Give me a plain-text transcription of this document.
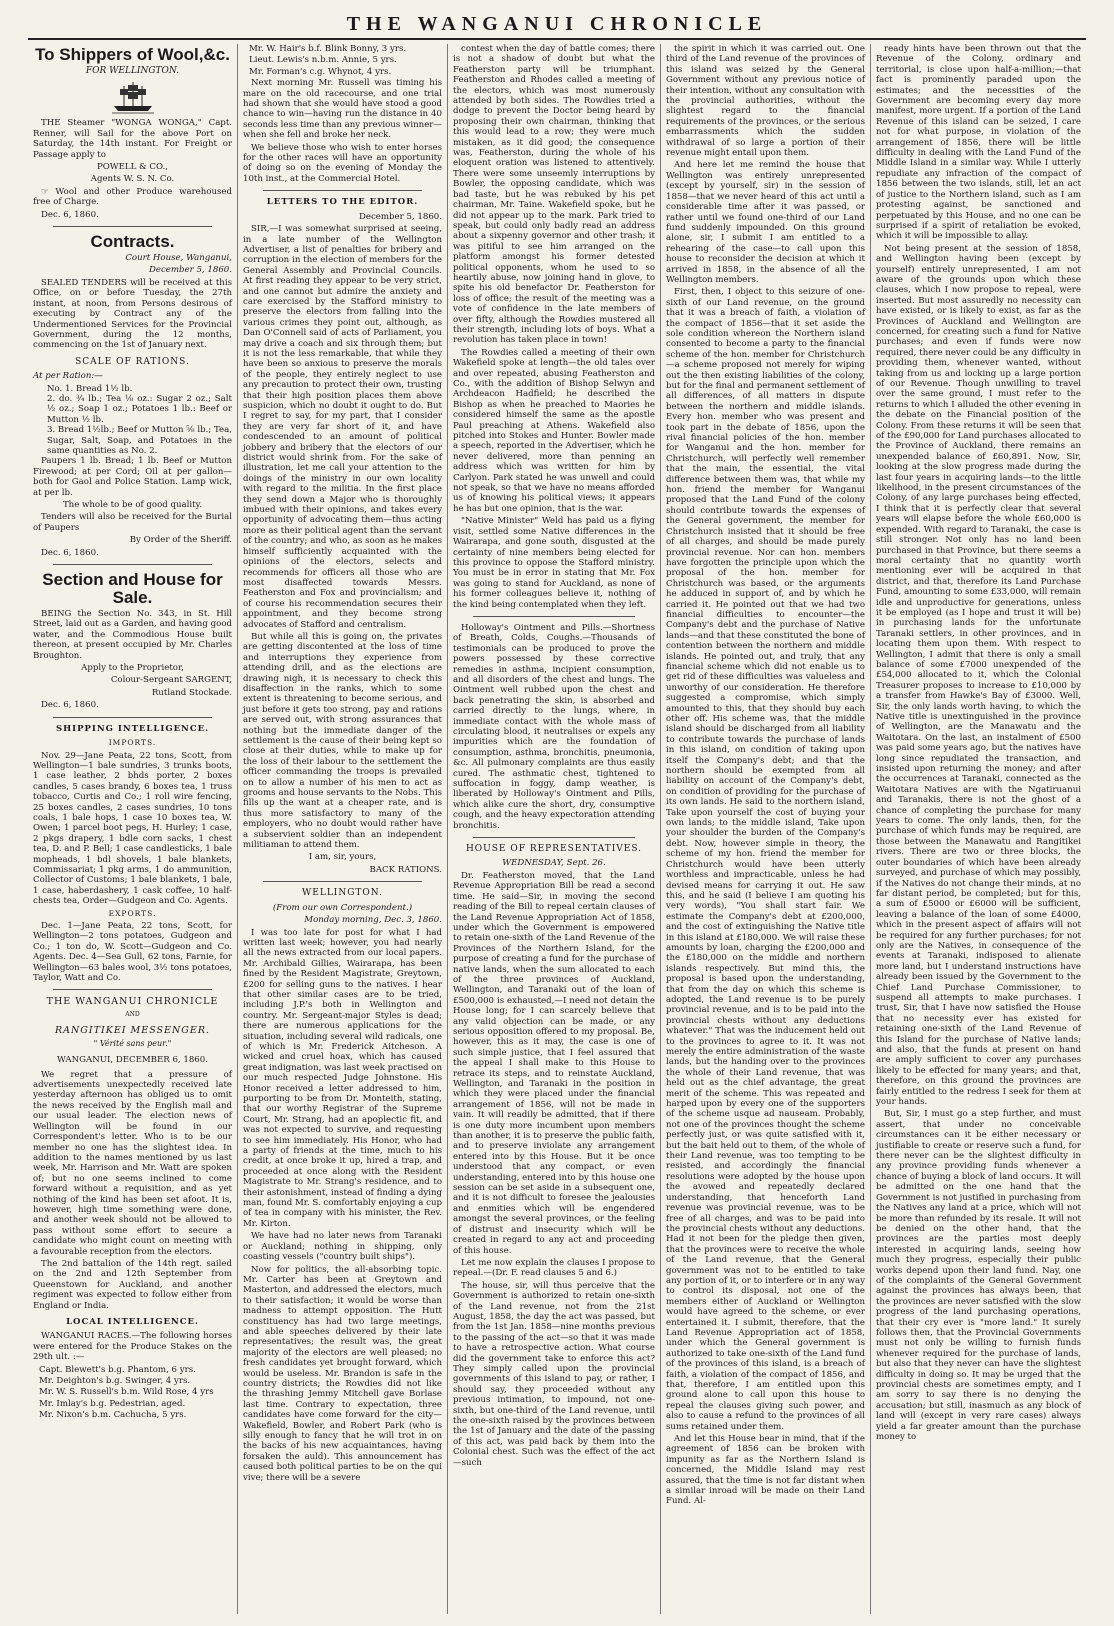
THE WANGANUI CHRONICLE
To Shippers of Wool,&c.
FOR WELLINGTON.

THE Steamer "WONGA WONGA," Capt. Renner, will Sail for the above Port on Saturday, the 14th instant. For Freight or Passage apply to

POWELL & CO.,

Agents W. S. N. Co.

☞ Wool and other Produce warehoused free of Charge.

Dec. 6, 1860.

Contracts.

Court House, Wanganui,

December 5, 1860.

SEALED TENDERS will be received at this Office, on or before Tuesday, the 27th instant, at noon, from Persons desirous of executing by Contract any of the Undermentioned Services for the Provincial Government, during the 12 months, commencing on the 1st of January next.

SCALE OF RATIONS.

At per Ration:—

No. 1. Bread 1½ lb.

2. do. ¾ lb.; Tea ⅛ oz.: Sugar 2 oz.; Salt ½ oz.; Soap 1 oz.; Potatoes 1 lb.: Beef or Mutton ½ lb.

3. Bread 1½lb.; Beef or Mutton ⅝ lb.; Tea, Sugar, Salt, Soap, and Potatoes in the same quantities as No. 2.

Paupers 1 lb. Bread; 1 lb. Beef or Mutton Firewood; at per Cord; Oil at per gallon—both for Gaol and Police Station. Lamp wick, at per lb.

The whole to be of good quality.

Tenders will also be received for the Burial of Paupers

By Order of the Sheriff.

Dec. 6, 1860.

Section and House for Sale.

BEING the Section No. 343, in St. Hill Street, laid out as a Garden, and having good water, and the Commodious House built thereon, at present occupied by Mr. Charles Broughton.

Apply to the Proprietor,

Colour-Sergeant SARGENT,

Rutland Stockade.

Dec. 6, 1860.

SHIPPING INTELLIGENCE.
IMPORTS.

Nov. 29—Jane Peata, 22 tons, Scott, from Wellington—1 bale sundries, 3 trunks boots, 1 case leather, 2 bhds porter, 2 boxes candles, 5 cases brandy, 6 boxes tea, 1 truss tobacco, Curtis and Co.; 1 roll wire fencing, 25 boxes candles, 2 cases sundries, 10 tons coals, 1 bale hops, 1 case 10 boxes tea, W. Owen; 1 parcel boot pegs, H. Hurley; 1 case, 2 pkgs drapery, 1 bdle corn sacks, 1 chest tea, D. and P. Bell; 1 case candlesticks, 1 bale mopheads, 1 bdl shovels, 1 bale blankets, Commissariat; 1 pkg arms, 1 do ammunition, Collector of Customs; 1 bale blankets, 1 bale, 1 case, haberdashery, 1 cask coffee, 10 half-chests tea, Order—Gudgeon and Co. Agents.

EXPORTS.

Dec. 1—Jane Peata, 22 tons, Scott, for Wellington—2 tons potatoes, Gudgeon and Co.; 1 ton do, W. Scott—Gudgeon and Co. Agents. Dec. 4—Sea Gull, 62 tons, Farnie, for Wellington—63 bales wool, 3½ tons potatoes, Taylor, Watt and Co.

THE WANGANUI CHRONICLE
AND
RANGITIKEI MESSENGER.
" Vérité sans peur."
WANGANUI, DECEMBER 6, 1860.

We regret that a pressure of advertisements unexpectedly received late yesterday afternoon has obliged us to omit the news received by the English mail and our usual leader. The election news of Wellington will be found in our Correspondent's letter. Who is to be our member no one has the slightest idea. In addition to the names mentioned by us last week, Mr. Harrison and Mr. Watt are spoken of; but no one seems inclined to come forward without a requisition, and as yet nothing of the kind has been set afoot. It is, however, high time something were done, and another week should not be allowed to pass without some effort to secure a candidate who might count on meeting with a favourable reception from the electors.

The 2nd battalion of the 14th regt. sailed on the 2nd and 12th September from Queenstown for Auckland, and another regiment was expected to follow either from England or India.

LOCAL INTELLIGENCE.

WANGANUI RACES.—The following horses were entered for the Produce Stakes on the 29th ult. :—

Capt. Blewett's b.g. Phantom, 6 yrs.

Mr. Deighton's b.g. Swinger, 4 yrs.

Mr. W. S. Russell's b.m. Wild Rose, 4 yrs

Mr. Imlay's b.g. Pedestrian, aged.

Mr. Nixon's b.m. Cachucha, 5 yrs.

Mr. W. Hair's b.f. Blink Bonny, 3 yrs.

Lieut. Lewis's n.b.m. Annie, 5 yrs.

Mr. Forman's c.g. Whynot, 4 yrs.

Next morning Mr. Russell was timing his mare on the old racecourse, and one trial had shown that she would have stood a good chance to win—having run the distance in 40 seconds less time than any previous winner—when she fell and broke her neck.

We believe those who wish to enter horses for the other races will have an opportunity of doing so on the evening of Monday the 10th inst., at the Commercial Hotel.

LETTERS TO THE EDITOR.

December 5, 1860.

SIR,—I was somewhat surprised at seeing, in a late number of the Wellington Advertiser, a list of penalties for bribery and corruption in the election of members for the General Assembly and Provincial Councils. At first reading they appear to be very strict, and one cannot but admire the anxiety and care exercised by the Stafford ministry to preserve the electors from falling into the various crimes they point out, although, as Dan O'Connell said of acts of Parliament, you may drive a coach and six through them; but it is not the less remarkable, that while they have been so anxious to preserve the morals of the people, they entirely neglect to use any precaution to protect their own, trusting that their high position places them above suspicion, which no doubt it ought to do. But I regret to say, for my part, that I consider they are very far short of it, and have condescended to an amount of political jobbery and bribery that the electors of our district would shrink from. For the sake of illustration, let me call your attention to the doings of the ministry in our own locality with regard to the militia. In the first place they send down a Major who is thoroughly imbued with their opinions, and takes every opportunity of advocating them—thus acting more as their political agent than the servant of the country; and who, as soon as he makes himself sufficiently acquainted with the opinions of the electors, selects and recommends for officers all those who are most disaffected towards Messrs. Featherston and Fox and provincialism; and of course his recommendation secures their appointment, and they become strong advocates of Stafford and centralism.

But while all this is going on, the privates are getting discontented at the loss of time and interruptions they experience from attending drill, and as the elections are drawing nigh, it is necessary to check this disaffection in the ranks, which to some extent is threatening to become serious, and just before it gets too strong, pay and rations are served out, with strong assurances that nothing but the immediate danger of the settlement is the cause of their being kept so close at their duties, while to make up for the loss of their labour to the settlement the officer commanding the troops is prevailed on to allow a number of his men to act as grooms and house servants to the Nobs. This fills up the want at a cheaper rate, and is thus more satisfactory to many of the employers, who no doubt would rather have a subservient soldier than an independent militiaman to attend them.

I am, sir, yours,

BACK RATIONS.

WELLINGTON.

(From our own Correspondent.)

Monday morning, Dec. 3, 1860.

I was too late for post for what I had written last week; however, you had nearly all the news extracted from our local papers. Mr. Archibald Gillies, Wairarapa, has been fined by the Resident Magistrate, Greytown, £200 for selling guns to the natives. I hear that other similar cases are to be tried, including J.P.'s both in Wellington and country. Mr. Sergeant-major Styles is dead; there are numerous applications for the situation, including several wild radicals, one of which is Mr. Frederick Aitcheson. A wicked and cruel hoax, which has caused great indignation, was last week practised on our much respected Judge Johnstone. His Honor received a letter addressed to him, purporting to be from Dr. Monteith, stating, that our worthy Registrar of the Supreme Court, Mr. Strang, had an apoplectic fit, and was not expected to survive, and requesting to see him immediately. His Honor, who had a party of friends at the time, much to his credit, at once broke it up, hired a trap, and proceeded at once along with the Resident Magistrate to Mr. Strang's residence, and to their astonishment, instead of finding a dying man, found Mr. S. comfortably enjoying a cup of tea in company with his minister, the Rev. Mr. Kirton.

We have had no later news from Taranaki or Auckland; nothing in shipping, only coasting vessels ("country built ships").

Now for politics, the all-absorbing topic. Mr. Carter has been at Greytown and Masterton, and addressed the electors, much to their satisfaction; it would be worse than madness to attempt opposition. The Hutt constituency has had two large meetings, and able speeches delivered by their late representatives; the result was, the great majority of the electors are well pleased; no fresh candidates yet brought forward, which would be useless. Mr. Brandon is safe in the country districts; the Rowdies did not like the thrashing Jemmy Mitchell gave Borlase last time. Contrary to expectation, three candidates have come forward for the city—Wakefield, Bowler, and Robert Park (who is silly enough to fancy that he will trot in on the backs of his new acquaintances, having forsaken the auld). This announcement has caused both political parties to be on the qui vive; there will be a severe

contest when the day of battle comes; there is not a shadow of doubt but what the Featherston party will be triumphant. Featherston and Rhodes called a meeting of the electors, which was most numerously attended by both sides. The Rowdies tried a dodge to prevent the Doctor being heard by proposing their own chairman, thinking that this would lead to a row; they were much mistaken, as it did good; the consequence was, Featherston, during the whole of his eloquent oration was listened to attentively. There were some unseemly interruptions by Bowler, the opposing candidate, which was bad taste, but he was rebuked by his pet chairman, Mr. Taine. Wakefield spoke, but he did not appear up to the mark. Park tried to speak, but could only badly read an address about a sixpenny governor and other trash; it was pitiful to see him arranged on the platform amongst his former detested political opponents, whom he used to so heartily abuse, now joining hand in glove, to spite his old benefactor Dr. Featherston for loss of office; the result of the meeting was a vote of confidence in the late members of over fifty, although the Rowdies mustered all their strength, including lots of boys. What a revolution has taken place in town!

The Rowdies called a meeting of their own Wakefield spoke at length—the old tales over and over repeated, abusing Featherston and Co., with the addition of Bishop Selwyn and Archdeacon Hadfield; he described the Bishop as when he preached to Maories he considered himself the same as the apostle Paul preaching at Athens. Wakefield also pitched into Stokes and Hunter. Bowler made a speech, reported in the Advertiser, which he never delivered, more than penning an address which was written for him by Carlyon. Park stated he was unwell and could not speak, so that we have no means afforded us of knowing his political views; it appears he has but one opinion, that is the war.

"Native Minister" Weld has paid us a flying visit, settled some Native differences in the Wairarapa, and gone south, disgusted at the certainty of nine members being elected for this province to oppose the Stafford ministry. You must be in error in stating that Mr. Fox was going to stand for Auckland, as none of his former colleagues believe it, nothing of the kind being contemplated when they left.

Holloway's Ointment and Pills.—Shortness of Breath, Colds, Coughs.—Thousands of testimonials can be produced to prove the powers possessed by these corrective remedies in asthma, incipient consumption, and all disorders of the chest and lungs. The Ointment well rubbed upon the chest and back penetrating the skin, is absorbed and carried directly to the lungs, where, in immediate contact with the whole mass of circulating blood, it neutralises or expels any impurities which are the foundation of consumption, asthma, bronchitis, pneumonia, &c. All pulmonary complaints are thus easily cured. The asthmatic chest, tightened to suffocation in foggy, damp weather, is liberated by Holloway's Ointment and Pills, which alike cure the short, dry, consumptive cough, and the heavy expectoration attending bronchitis.

HOUSE OF REPRESENTATIVES.

WEDNESDAY, Sept. 26.

Dr. Featherston moved, that the Land Revenue Appropriation Bill be read a second time. He said—Sir, in moving the second reading of the Bill to repeal certain clauses of the Land Revenue Appropriation Act of 1858, under which the Government is empowered to retain one-sixth of the Land Revenue of the Provinces of the Northern Island, for the purpose of creating a fund for the purchase of native lands, when the sum allocated to each of the three provinces of Auckland, Wellington, and Taranaki out of the loan of £500,000 is exhausted,—I need not detain the House long; for I can scarcely believe that any valid objection can be made, or any serious opposition offered to my proposal. Be, however, this as it may, the case is one of such simple justice, that I feel assured that the appeal I shall make to this House to retrace its steps, and to reinstate Auckland, Wellington, and Taranaki in the position in which they were placed under the financial arrangement of 1856, will not be made in vain. It will readily be admitted, that if there is one duty more incumbent upon members than another, it is to preserve the public faith, and to preserve inviolate any arrangement entered into by this House. But it be once understood that any compact, or even understanding, entered into by this house one session can be set aside in a subsequent one, and it is not difficult to foresee the jealousies and enmities which will be engendered amongst the several provinces, or the feeling of distrust and insecurity which will be created in regard to any act and proceeding of this house.

Let me now explain the clauses I propose to repeal.—(Dr. F. read clauses 5 and 6.)

The house, sir, will thus perceive that the Government is authorized to retain one-sixth of the Land revenue, not from the 21st August, 1858, the day the act was passed, but from the 1st Jan. 1858—nine months previous to the passing of the act—so that it was made to have a retrospective action. What course did the government take to enforce this act? They simply called upon the provincial governments of this island to pay, or rather, I should say, they proceeded without any previous intimation, to impound, not one-sixth, but one-third of the Land revenue, until the one-sixth raised by the provinces between the 1st of January and the date of the passing of this act, was paid back by them into the Colonial chest. Such was the effect of the act—such

the spirit in which it was carried out. One third of the Land revenue of the provinces of this island was seized by the General Government without any previous notice of their intention, without any consultation with the provincial authorities, without the slightest regard to the financial requirements of the provinces, or the serious embarrassments which the sudden withdrawal of so large a portion of their revenue might entail upon them.

And here let me remind the house that Wellington was entirely unrepresented (except by yourself, sir) in the session of 1858—that we never heard of this act until a considerable time after it was passed, or rather until we found one-third of our Land fund suddenly impounded. On this ground alone, sir, I submit I am entitled to a rehearing of the case—to call upon this house to reconsider the decision at which it arrived in 1858, in the absence of all the Wellington members.

First, then, I object to this seizure of one-sixth of our Land revenue, on the ground that it was a breach of faith, a violation of the compact of 1856—that it set aside the sole condition whereon the Northern island consented to become a party to the financial scheme of the hon. member for Christchurch—a scheme proposed not merely for wiping out the then existing liabilities of the colony, but for the final and permanent settlement of all differences, of all matters in dispute between the northern and middle islands. Every hon. member who was present and took part in the debate of 1856, upon the rival financial policies of the hon. member for Wanganui and the hon. member for Christchurch, will perfectly well remember that the main, the essential, the vital difference between them was, that while my hon. friend the member for Wanganui proposed that the Land Fund of the colony should contribute towards the expenses of the General government, the member for Christchurch insisted that it should be free of all charges, and should be made purely provincial revenue. Nor can hon. members have forgotten the principle upon which the proposal of the hon. member for Christchurch was based, or the arguments he adduced in support of, and by which he carried it. He pointed out that we had two financial difficulties to encounter—the Company's debt and the purchase of Native lands—and that these constituted the bone of contention between the northern and middle islands. He pointed out, and truly, that any financial scheme which did not enable us to get rid of these difficulties was valueless and unworthy of our consideration. He therefore suggested a compromise, which simply amounted to this, that they should buy each other off. His scheme was, that the middle island should be discharged from all liability to contribute towards the purchase of lands in this island, on condition of taking upon itself the Company's debt; and that the northern should be exempted from all liability on account of the Company's debt, on condition of providing for the purchase of its own lands. He said to the northern island, Take upon yourself the cost of buying your own lands; to the middle island, Take upon your shoulder the burden of the Company's debt. Now, however simple in theory, the scheme of my hon. friend the member for Christchurch would have been utterly worthless and impracticable, unless he had devised means for carrying it out. He saw this, and he said (I believe I am quoting his very words), "You shall start fair. We estimate the Company's debt at £200,000, and the cost of extinguishing the Native title in this island at £180,000. We will raise these amounts by loan, charging the £200,000 and the £180,000 on the middle and northern islands respectively. But mind this, the proposal is based upon the understanding, that from the day on which this scheme is adopted, the Land revenue is to be purely provincial revenue, and is to be paid into the provincial chests without any deductions whatever." That was the inducement held out to the provinces to agree to it. It was not merely the entire administration of the waste lands, but the handing over to the provinces the whole of their Land revenue, that was held out as the chief advantage, the great merit of the scheme. This was repeated and harped upon by every one of the supporters of the scheme usque ad nauseam. Probably, not one of the provinces thought the scheme perfectly just, or was quite satisfied with it, but the bait held out to them, of the whole of their Land revenue, was too tempting to be resisted, and accordingly the financial resolutions were adopted by the house upon the avowed and repeatedly declared understanding, that henceforth Land revenue was provincial revenue, was to be free of all charges, and was to be paid into the provincial chests without any deductions. Had it not been for the pledge then given, that the provinces were to receive the whole of the Land revenue, that the General government was not to be entitled to take any portion of it, or to interfere or in any way to control its disposal, not one of the members either of Auckland or Wellington would have agreed to the scheme, or ever entertained it. I submit, therefore, that the Land Revenue Appropriation act of 1858, under which the General government is authorized to take one-sixth of the Land fund of the provinces of this island, is a breach of faith, a violation of the compact of 1856, and that, therefore, I am entitled upon this ground alone to call upon this house to repeal the clauses giving such power, and also to cause a refund to the provinces of all sums retained under them.

And let this House bear in mind, that if the agreement of 1856 can be broken with impunity as far as the Northern Island is concerned, the Middle Island may rest assured, that the time is not far distant when a similar inroad will be made on their Land Fund. Al-

ready hints have been thrown out that the Revenue of the Colony, ordinary and territorial, is close upon half-a-million;—that fact is prominently paraded upon the estimates; and the necessities of the Government are becoming every day more manifest, more urgent. If a portion of the Land Revenue of this island can be seized, I care not for what purpose, in violation of the arrangement of 1856, there will be little difficulty in dealing with the Land Fund of the Middle Island in a similar way. While I utterly repudiate any infraction of the compact of 1856 between the two islands, still, let an act of justice to the Northern island, such as I am protesting against, be sanctioned and perpetuated by this House, and no one can be surprised if a spirit of retaliation be evoked, which it will be impossible to allay.

Not being present at the session of 1858, and Wellington having been (except by yourself) entirely unrepresented, I am not aware of the grounds upon which these clauses, which I now propose to repeal, were inserted. But most assuredly no necessity can have existed, or is likely to exist, as far as the Provinces of Auckland and Wellington are concerned, for creating such a fund for Native purchases; and even if funds were now required, there never could be any difficulty in providing them, whenever wanted, without taking from us and locking up a large portion of our Revenue. Though unwilling to travel over the same ground, I must refer to the returns to which I alluded the other evening in the debate on the Financial position of the Colony. From these returns it will be seen that of the £90,000 for Land purchases allocated to the Province of Auckland, there remains an unexpended balance of £60,891. Now, Sir, looking at the slow progress made during the last four years in acquiring lands—to the little likelihood, in the present circumstances of the Colony, of any large purchases being effected, I think that it is perfectly clear that several years will elapse before the whole £60,000 is expended. With regard to Taranaki, the case is still stronger. Not only has no land been purchased in that Province, but there seems a moral certainty that no quantity worth mentioning ever will be acquired in that district, and that, therefore its Land Purchase Fund, amounting to some £33,000, will remain idle and unproductive for generations, unless it be employed (as I hope and trust it will be) in purchasing lands for the unfortunate Taranaki settlers, in other provinces, and in locating them upon them. With respect to Wellington, I admit that there is only a small balance of some £7000 unexpended of the £54,000 allocated to it, which the Colonial Treasurer proposes to increase to £10,000 by a transfer from Hawke's Bay of £3000. Well, Sir, the only lands worth having, to which the Native title is unextinguished in the province of Wellington, are the Manawatu and the Waitotara. On the last, an instalment of £500 was paid some years ago, but the natives have long since repudiated the transaction, and insisted upon returning the money; and after the occurrences at Taranaki, connected as the Waitotara Natives are with the Ngatiruanui and Taranakis, there is not the ghost of a chance of completing the purchase for many years to come. The only lands, then, for the purchase of which funds may be required, are those between the Manawatu and Rangitikei rivers. There are two or three blocks, the outer boundaries of which have been already surveyed, and purchase of which may possibly, if the Natives do not change their minds, at no far distant period, be completed; but for this, a sum of £5000 or £6000 will be sufficient, leaving a balance of the loan of some £4000, which in the present aspect of affairs will not be required for any further purchases; for not only are the Natives, in consequence of the events at Taranaki, indisposed to alienate more land, but I understand instructions have already been issued by the Government to the Chief Land Purchase Commissioner, to suspend all attempts to make purchases. I trust, Sir, that I have now satisfied the House that no necessity ever has existed for retaining one-sixth of the Land Revenue of this Island for the purchase of Native lands; and also, that the funds at present on hand are amply sufficient to cover any purchases likely to be effected for many years; and that, therefore, on this ground the provinces are fairly entitled to the redress I seek for them at your hands.

But, Sir, I must go a step further, and must assert, that under no conceivable circumstances can it be either necessary or justifiable to create or reserve such a fund, for there never can be the slightest difficulty in any province providing funds whenever a chance of buying a block of land occurs. It will be admitted on the one hand that the Government is not justified in purchasing from the Natives any land at a price, which will not be more than refunded by its resale. It will not be denied on the other hand, that the provinces are the parties most deeply interested in acquiring lands, seeing how much they progress, especially their public works depend upon their land fund. Nay, one of the complaints of the General Government against the provinces has always been, that the provinces are never satisfied with the slow progress of the land purchasing operations, that their cry ever is "more land." It surely follows then, that the Provincial Governments must not only be willing to furnish funds whenever required for the purchase of lands, but also that they never can have the slightest difficulty in doing so. It may be urged that the provincial chests are sometimes empty, and I am sorry to say there is no denying the accusation; but still, inasmuch as any block of land will (except in very rare cases) always yield a far greater amount than the purchase money to
